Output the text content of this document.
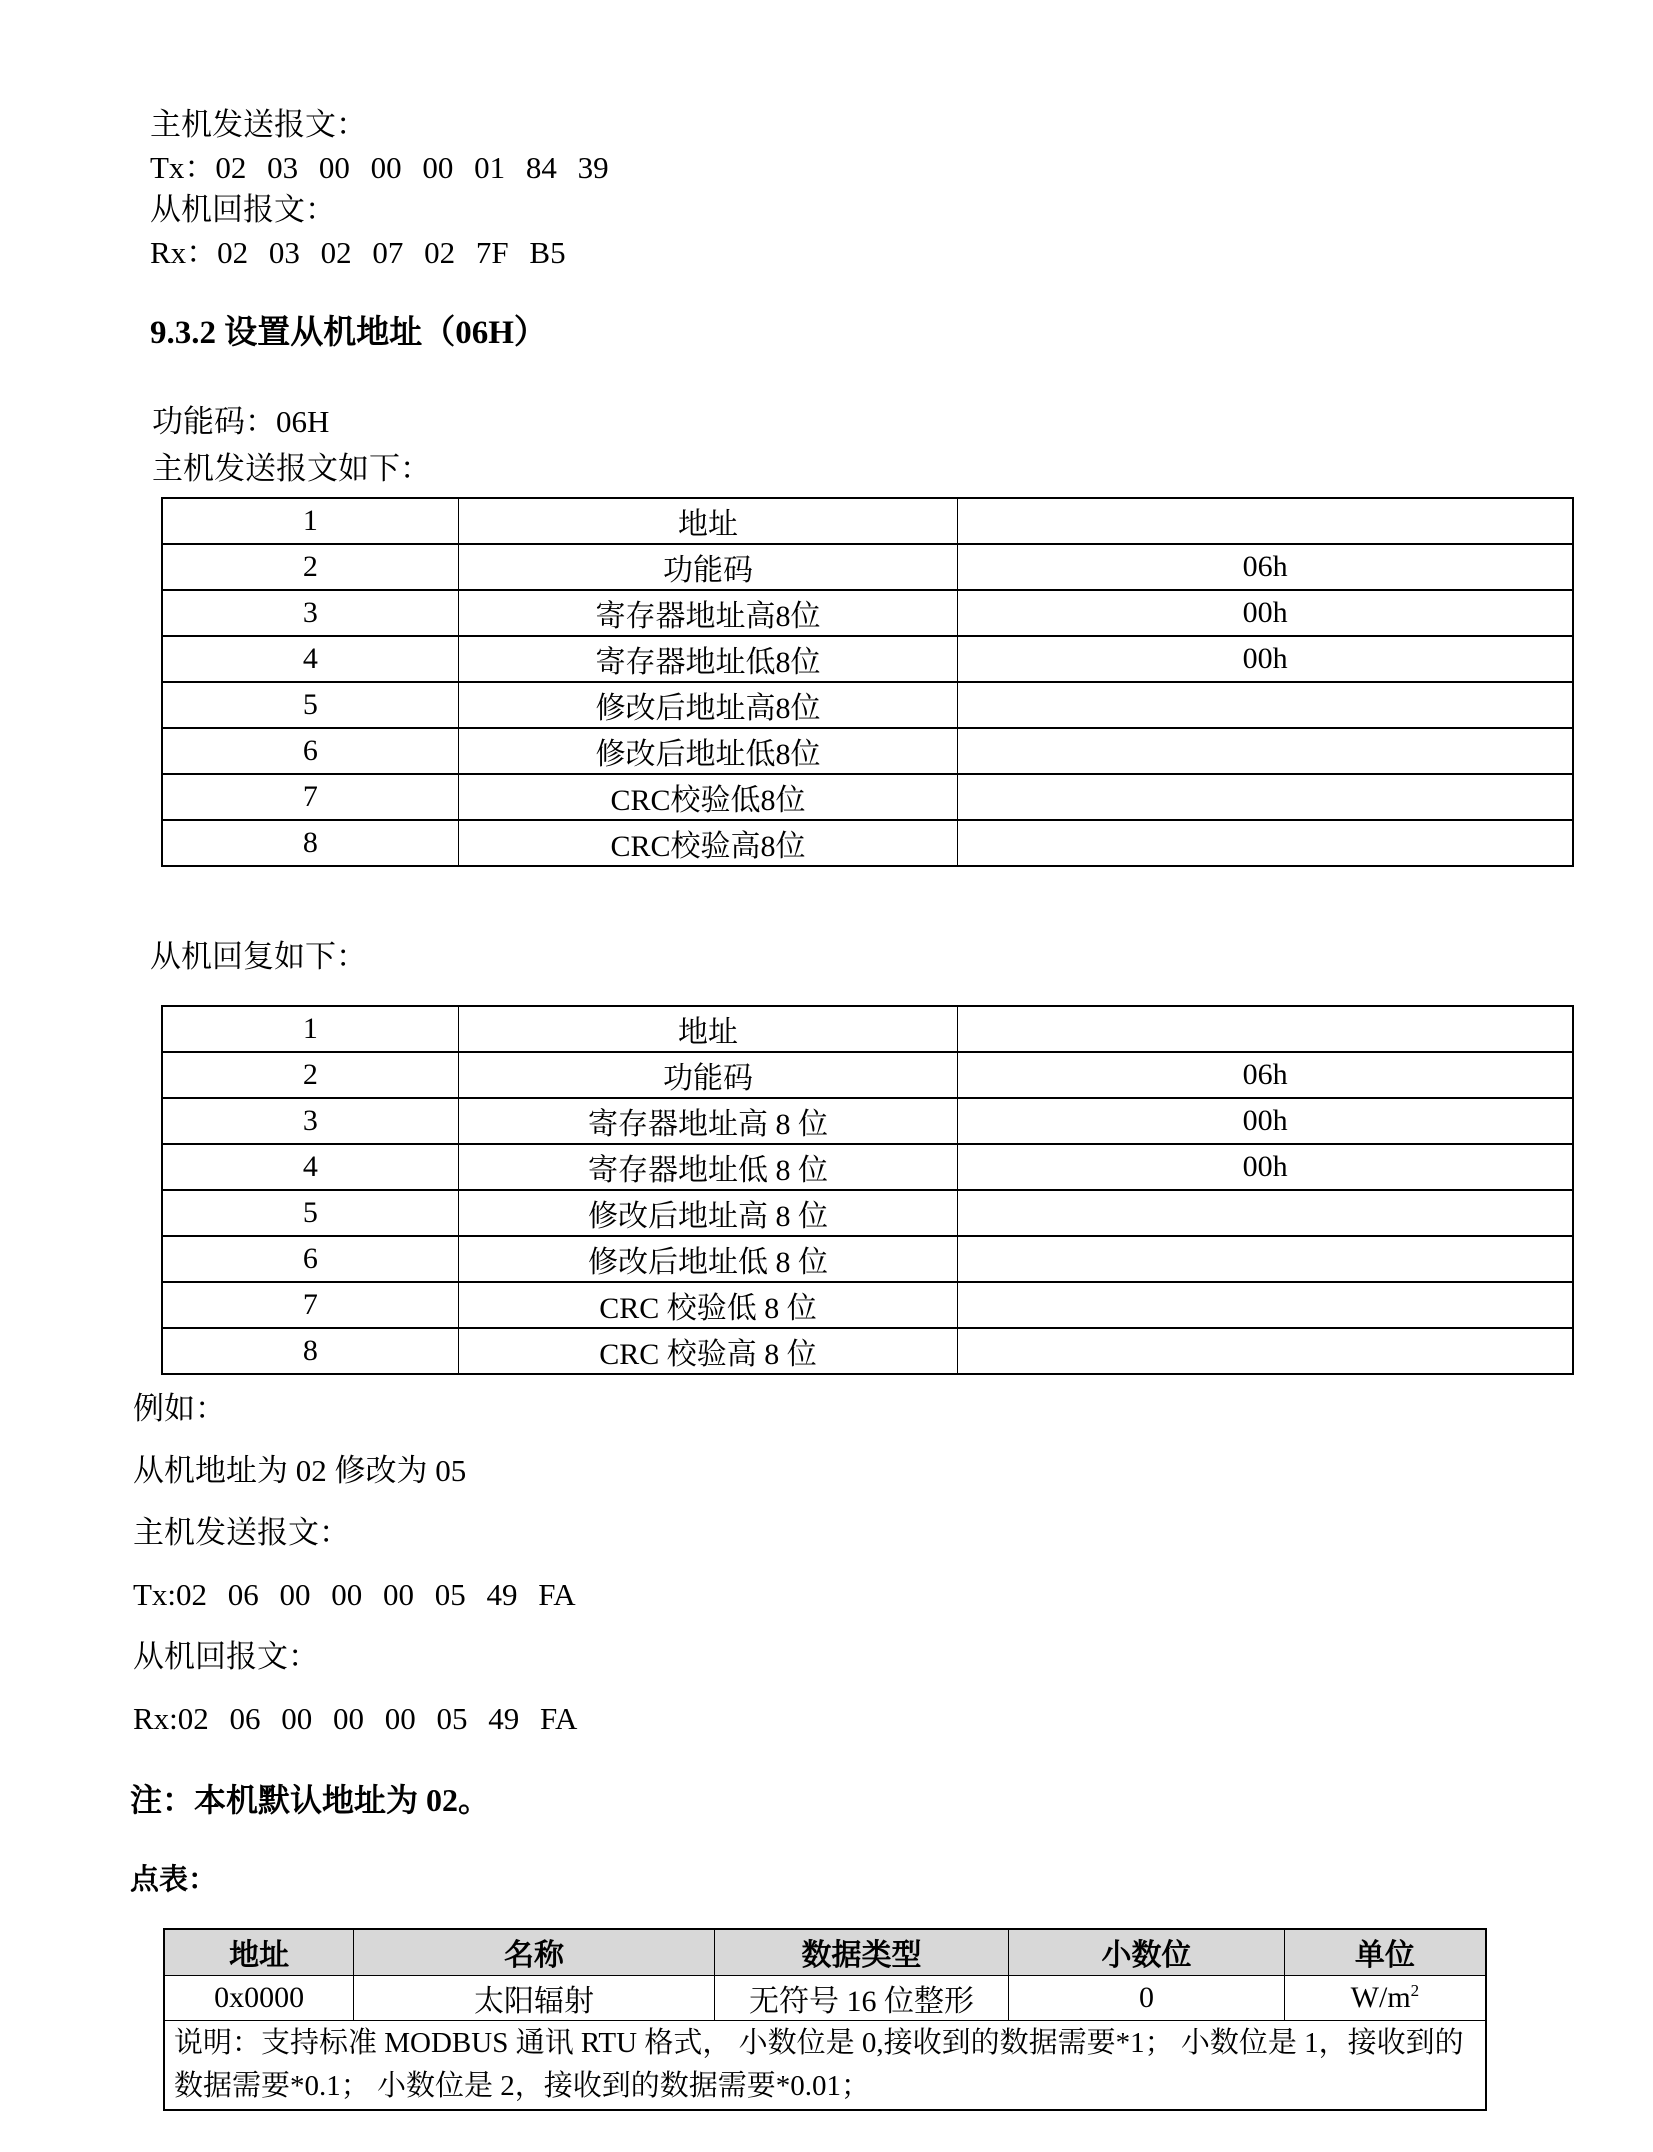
主机发送报文：

Tx：02 03 00 00 00 01 84 39

从机回报文：

Rx：02 03 02 07 02 7F B5

9.3.2 设置从机地址（06H）

功能码：06H

主机发送报文如下：

1	地址	
2	功能码	06h
3	寄存器地址高8位	00h
4	寄存器地址低8位	00h
5	修改后地址高8位	
6	修改后地址低8位	
7	CRC校验低8位	
8	CRC校验高8位	

从机回复如下：

1	地址	
2	功能码	06h
3	寄存器地址高 8 位	00h
4	寄存器地址低 8 位	00h
5	修改后地址高 8 位	
6	修改后地址低 8 位	
7	CRC 校验低 8 位	
8	CRC 校验高 8 位	

例如：

从机地址为 02 修改为 05

主机发送报文：

Tx:02 06 00 00 00 05 49 FA

从机回报文：

Rx:02 06 00 00 00 05 49 FA

注：本机默认地址为 02。

点表：

地址	名称	数据类型	小数位	单位
0x0000	太阳辐射	无符号 16 位整形	0	$W/m^2$
说明：支持标准 MODBUS 通讯 RTU 格式， 小数位是 0,接收到的数据需要*1； 小数位是 1，接收到的数据需要*0.1； 小数位是 2，接收到的数据需要*0.01；				
